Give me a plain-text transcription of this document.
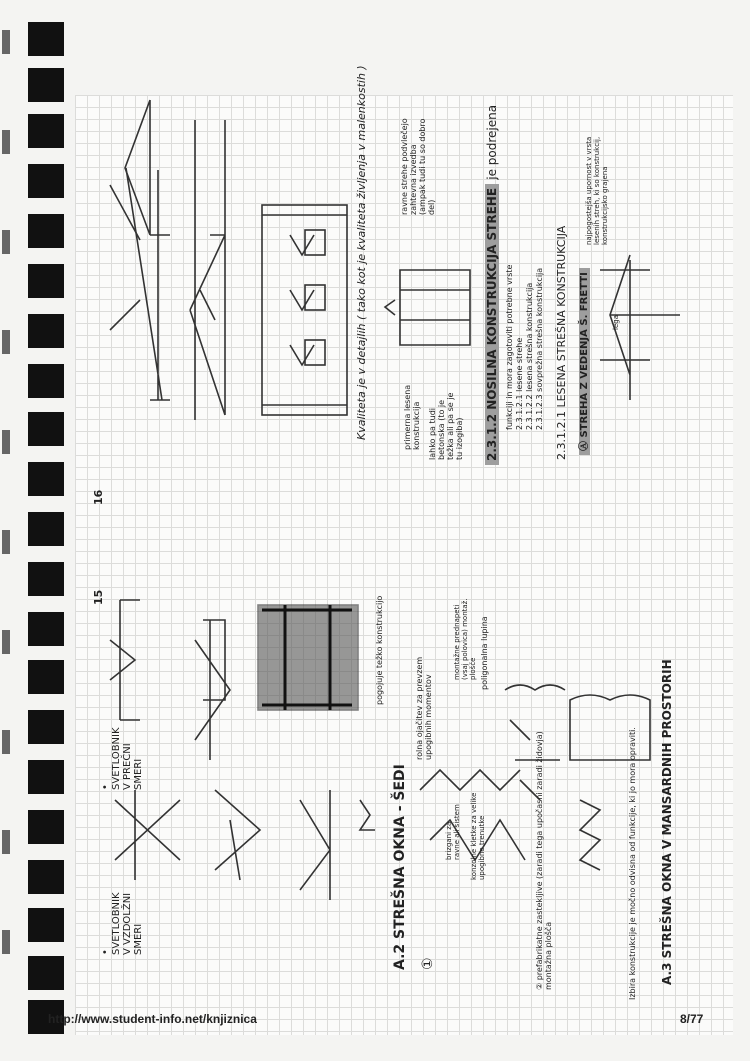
16
15
Kvaliteta je v detajlih ( tako kot je kvaliteta življenja v malenkostih )	ravne strehe podvlečejo zahtevna izvedba (ampak tudi tu so dobro del)
primerna lesena konstrukcija lahko pa tudi betonska (to je težka ali pa se je tu izogiba) 2.3.1.2 NOSILNA KONSTRUKCIJA STREHE je podrejena
funkciji in mora zagotoviti potrebne vrste 2.3.1.2.1 lesene strehe 2.3.1.2.2 lesena strešna konstrukcija 2.3.1.2.3 sovprežna strešna konstrukcija 2.3.1.2.1 LESENA STREŠNA KONSTRUKCIJA	Ⓐ STREHA Z VEDENJA Š. FRETTI
najpogostejša upornost v vrsta lesenih streh, ki so konstrukcij, konstrukcijsko grajena
lega
• SVETLOBNIK V VZDOLŽNI SMERI
• SVETLOBNIK V PREČNI SMERI	A.2 STREŠNA OKNA - ŠEDI ①
rolna ojačitev za prevzem upogibnih momentov
pogojuje težko konstrukcijo	montažne prednapeti (vsaj polovica) montaž. plošče
brizgani za ravne ali sistem konzolne kletke za velike upogibne trenutke
poligonalna lupina
② prefabrikatne zastekljive (zaradi tega upočasni zaradi židovja) montažna plošča	Izbira konstrukcije je močno odvisna od funkcije, ki jo mora opraviti. A.3 STREŠNA OKNA V MANSARDNIH PROSTORIH
http://www.student-info.net/knjiznica	8/77
